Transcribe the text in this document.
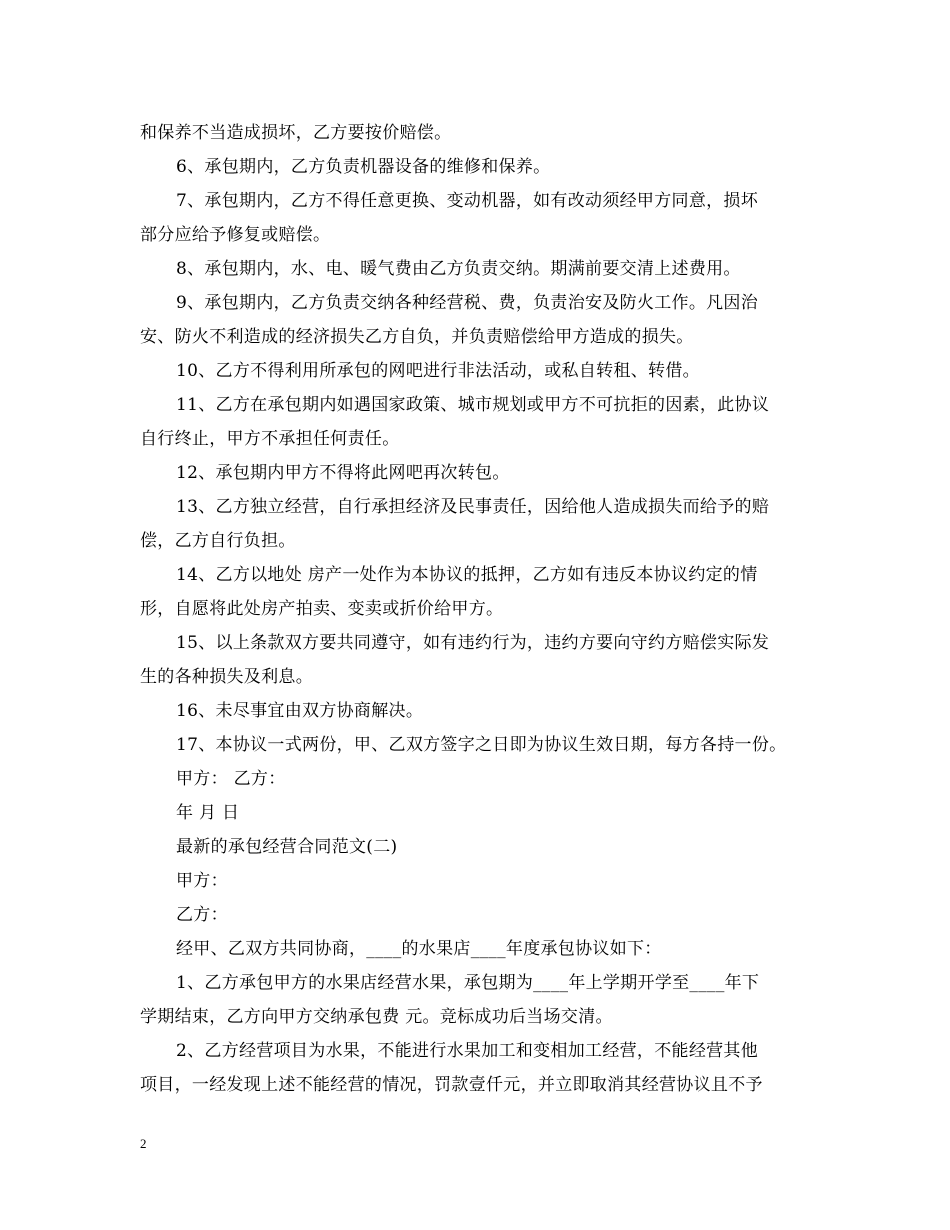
和保养不当造成损坏，乙方要按价赔偿。
6、承包期内，乙方负责机器设备的维修和保养。
7、承包期内，乙方不得任意更换、变动机器，如有改动须经甲方同意，损坏
部分应给予修复或赔偿。
8、承包期内，水、电、暖气费由乙方负责交纳。期满前要交清上述费用。
9、承包期内，乙方负责交纳各种经营税、费，负责治安及防火工作。凡因治
安、防火不利造成的经济损失乙方自负，并负责赔偿给甲方造成的损失。
10、乙方不得利用所承包的网吧进行非法活动，或私自转租、转借。
11、乙方在承包期内如遇国家政策、城市规划或甲方不可抗拒的因素，此协议
自行终止，甲方不承担任何责任。
12、承包期内甲方不得将此网吧再次转包。
13、乙方独立经营，自行承担经济及民事责任，因给他人造成损失而给予的赔
偿，乙方自行负担。
14、乙方以地处 房产一处作为本协议的抵押，乙方如有违反本协议约定的情
形，自愿将此处房产拍卖、变卖或折价给甲方。
15、以上条款双方要共同遵守，如有违约行为，违约方要向守约方赔偿实际发
生的各种损失及利息。
16、未尽事宜由双方协商解决。
17、本协议一式两份，甲、乙双方签字之日即为协议生效日期，每方各持一份。
甲方： 乙方：
年 月 日
最新的承包经营合同范文(二)
甲方：
乙方：
经甲、乙双方共同协商，____的水果店____年度承包协议如下：
1、乙方承包甲方的水果店经营水果，承包期为____年上学期开学至____年下
学期结束，乙方向甲方交纳承包费 元。竞标成功后当场交清。
2、乙方经营项目为水果，不能进行水果加工和变相加工经营，不能经营其他
项目，一经发现上述不能经营的情况，罚款壹仟元，并立即取消其经营协议且不予
2
